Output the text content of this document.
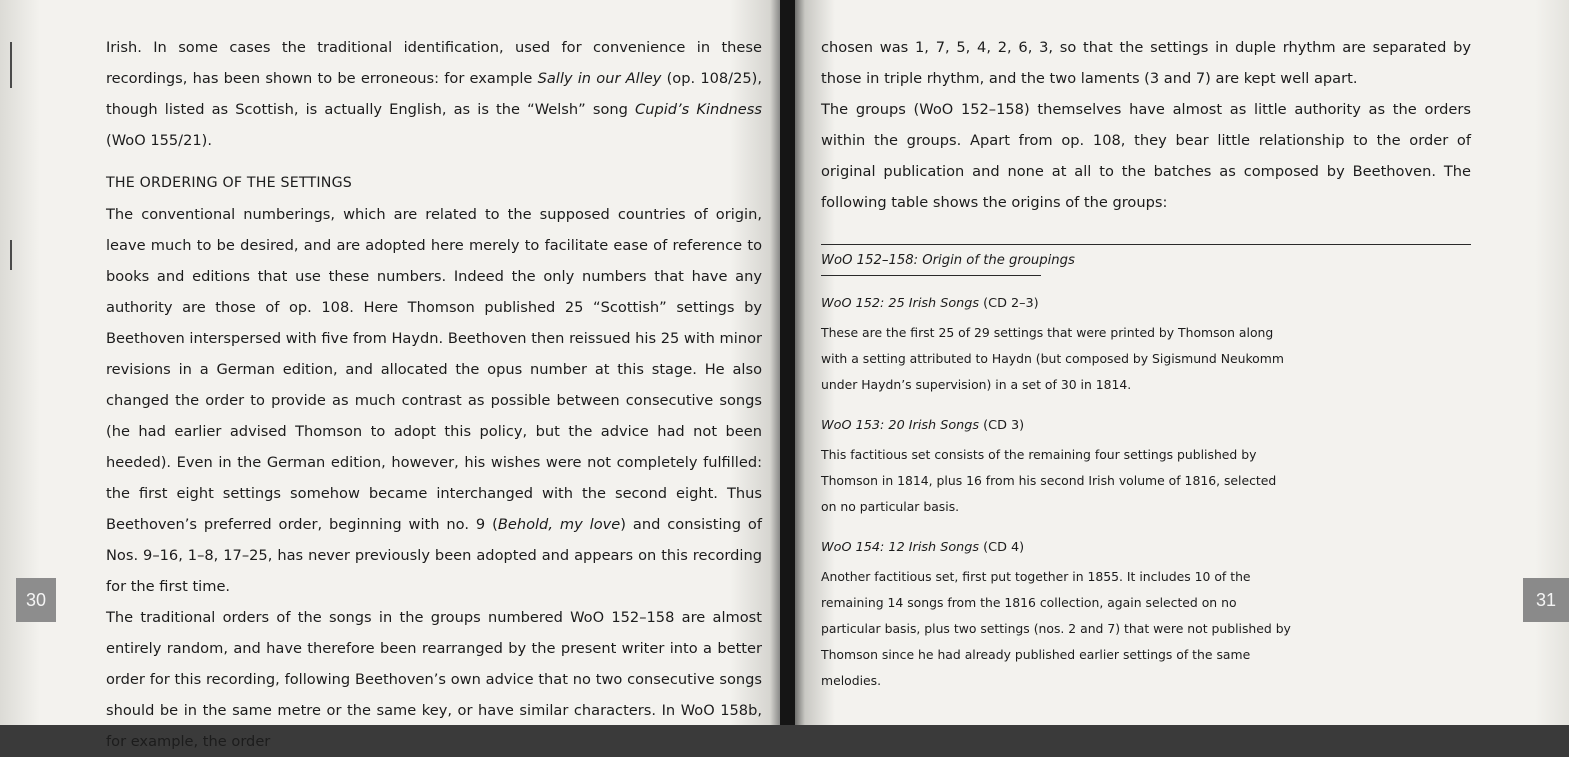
Irish. In some cases the traditional identification, used for convenience in these recordings, has been shown to be erroneous: for example Sally in our Alley (op. 108/25), though listed as Scottish, is actually English, as is the “Welsh” song Cupid’s Kindness (WoO 155/21).

THE ORDERING OF THE SETTINGS

The conventional numberings, which are related to the supposed countries of origin, leave much to be desired, and are adopted here merely to facilitate ease of reference to books and editions that use these numbers. Indeed the only numbers that have any authority are those of op. 108. Here Thomson published 25 “Scottish” settings by Beethoven interspersed with five from Haydn. Beethoven then reissued his 25 with minor revisions in a German edition, and allocated the opus number at this stage. He also changed the order to provide as much contrast as possible between consecutive songs (he had earlier advised Thomson to adopt this policy, but the advice had not been heeded). Even in the German edition, however, his wishes were not completely fulfilled: the first eight settings somehow became interchanged with the second eight. Thus Beethoven’s preferred order, beginning with no. 9 (Behold, my love) and consisting of Nos. 9–16, 1–8, 17–25, has never previously been adopted and appears on this recording for the first time.

The traditional orders of the songs in the groups numbered WoO 152–158 are almost entirely random, and have therefore been rearranged by the present writer into a better order for this recording, following Beethoven’s own advice that no two consecutive songs should be in the same metre or the same key, or have similar characters. In WoO 158b, for example, the order

30

chosen was 1, 7, 5, 4, 2, 6, 3, so that the settings in duple rhythm are separated by those in triple rhythm, and the two laments (3 and 7) are kept well apart.

The groups (WoO 152–158) themselves have almost as little authority as the orders within the groups. Apart from op. 108, they bear little relationship to the order of original publication and none at all to the batches as composed by Beethoven. The following table shows the origins of the groups:

WoO 152–158: Origin of the groupings

WoO 152: 25 Irish Songs (CD 2–3)

These are the first 25 of 29 settings that were printed by Thomson along with a setting attributed to Haydn (but composed by Sigismund Neukomm under Haydn’s supervision) in a set of 30 in 1814.

WoO 153: 20 Irish Songs (CD 3)

This factitious set consists of the remaining four settings published by Thomson in 1814, plus 16 from his second Irish volume of 1816, selected on no particular basis.

WoO 154: 12 Irish Songs (CD 4)

Another factitious set, first put together in 1855. It includes 10 of the remaining 14 songs from the 1816 collection, again selected on no particular basis, plus two settings (nos. 2 and 7) that were not published by Thomson since he had already published earlier settings of the same melodies.

31
